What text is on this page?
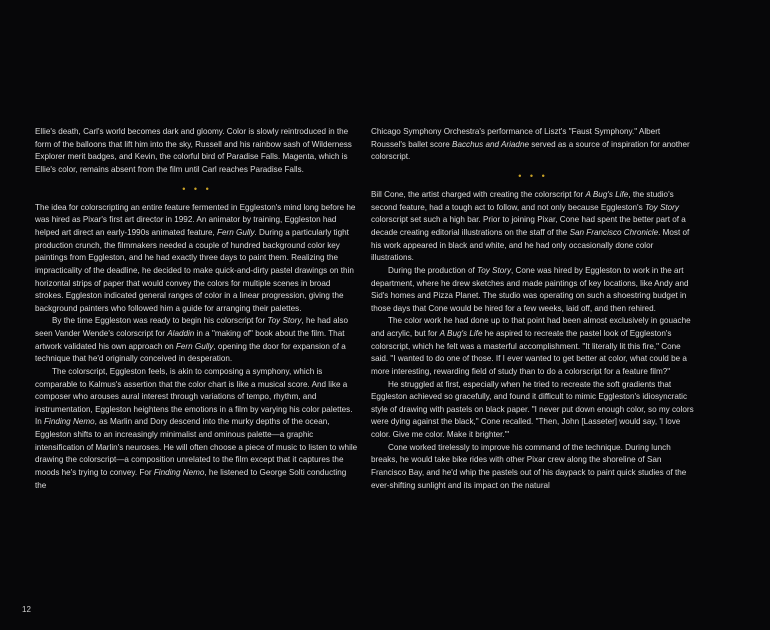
Ellie's death, Carl's world becomes dark and gloomy. Color is slowly reintroduced in the form of the balloons that lift him into the sky, Russell and his rainbow sash of Wilderness Explorer merit badges, and Kevin, the colorful bird of Paradise Falls. Magenta, which is Ellie's color, remains absent from the film until Carl reaches Paradise Falls.

• • •

The idea for colorscripting an entire feature fermented in Eggleston's mind long before he was hired as Pixar's first art director in 1992. An animator by training, Eggleston had helped art direct an early-1990s animated feature, Fern Gully. During a particularly tight production crunch, the filmmakers needed a couple of hundred background color key paintings from Eggleston, and he had exactly three days to paint them. Realizing the impracticality of the deadline, he decided to make quick-and-dirty pastel drawings on thin horizontal strips of paper that would convey the colors for multiple scenes in broad strokes. Eggleston indicated general ranges of color in a linear progression, giving the background painters who followed him a guide for arranging their palettes.

By the time Eggleston was ready to begin his colorscript for Toy Story, he had also seen Vander Wende's colorscript for Aladdin in a "making of" book about the film. That artwork validated his own approach on Fern Gully, opening the door for expansion of a technique that he'd originally conceived in desperation.

The colorscript, Eggleston feels, is akin to composing a symphony, which is comparable to Kalmus's assertion that the color chart is like a musical score. And like a composer who arouses aural interest through variations of tempo, rhythm, and instrumentation, Eggleston heightens the emotions in a film by varying his color palettes. In Finding Nemo, as Marlin and Dory descend into the murky depths of the ocean, Eggleston shifts to an increasingly minimalist and ominous palette—a graphic intensification of Marlin's neuroses. He will often choose a piece of music to listen to while drawing the colorscript—a composition unrelated to the film except that it captures the moods he's trying to convey. For Finding Nemo, he listened to George Solti conducting the

Chicago Symphony Orchestra's performance of Liszt's "Faust Symphony." Albert Roussel's ballet score Bacchus and Ariadne served as a source of inspiration for another colorscript.

• • •

Bill Cone, the artist charged with creating the colorscript for A Bug's Life, the studio's second feature, had a tough act to follow, and not only because Eggleston's Toy Story colorscript set such a high bar. Prior to joining Pixar, Cone had spent the better part of a decade creating editorial illustrations on the staff of the San Francisco Chronicle. Most of his work appeared in black and white, and he had only occasionally done color illustrations.

During the production of Toy Story, Cone was hired by Eggleston to work in the art department, where he drew sketches and made paintings of key locations, like Andy and Sid's homes and Pizza Planet. The studio was operating on such a shoestring budget in those days that Cone would be hired for a few weeks, laid off, and then rehired.

The color work he had done up to that point had been almost exclusively in gouache and acrylic, but for A Bug's Life he aspired to recreate the pastel look of Eggleston's colorscript, which he felt was a masterful accomplishment. "It literally lit this fire," Cone said. "I wanted to do one of those. If I ever wanted to get better at color, what could be a more interesting, rewarding field of study than to do a colorscript for a feature film?"

He struggled at first, especially when he tried to recreate the soft gradients that Eggleston achieved so gracefully, and found it difficult to mimic Eggleston's idiosyncratic style of drawing with pastels on black paper. "I never put down enough color, so my colors were dying against the black," Cone recalled. "Then, John [Lasseter] would say, 'I love color. Give me color. Make it brighter.'"

Cone worked tirelessly to improve his command of the technique. During lunch breaks, he would take bike rides with other Pixar crew along the shoreline of San Francisco Bay, and he'd whip the pastels out of his daypack to paint quick studies of the ever-shifting sunlight and its impact on the natural

12
